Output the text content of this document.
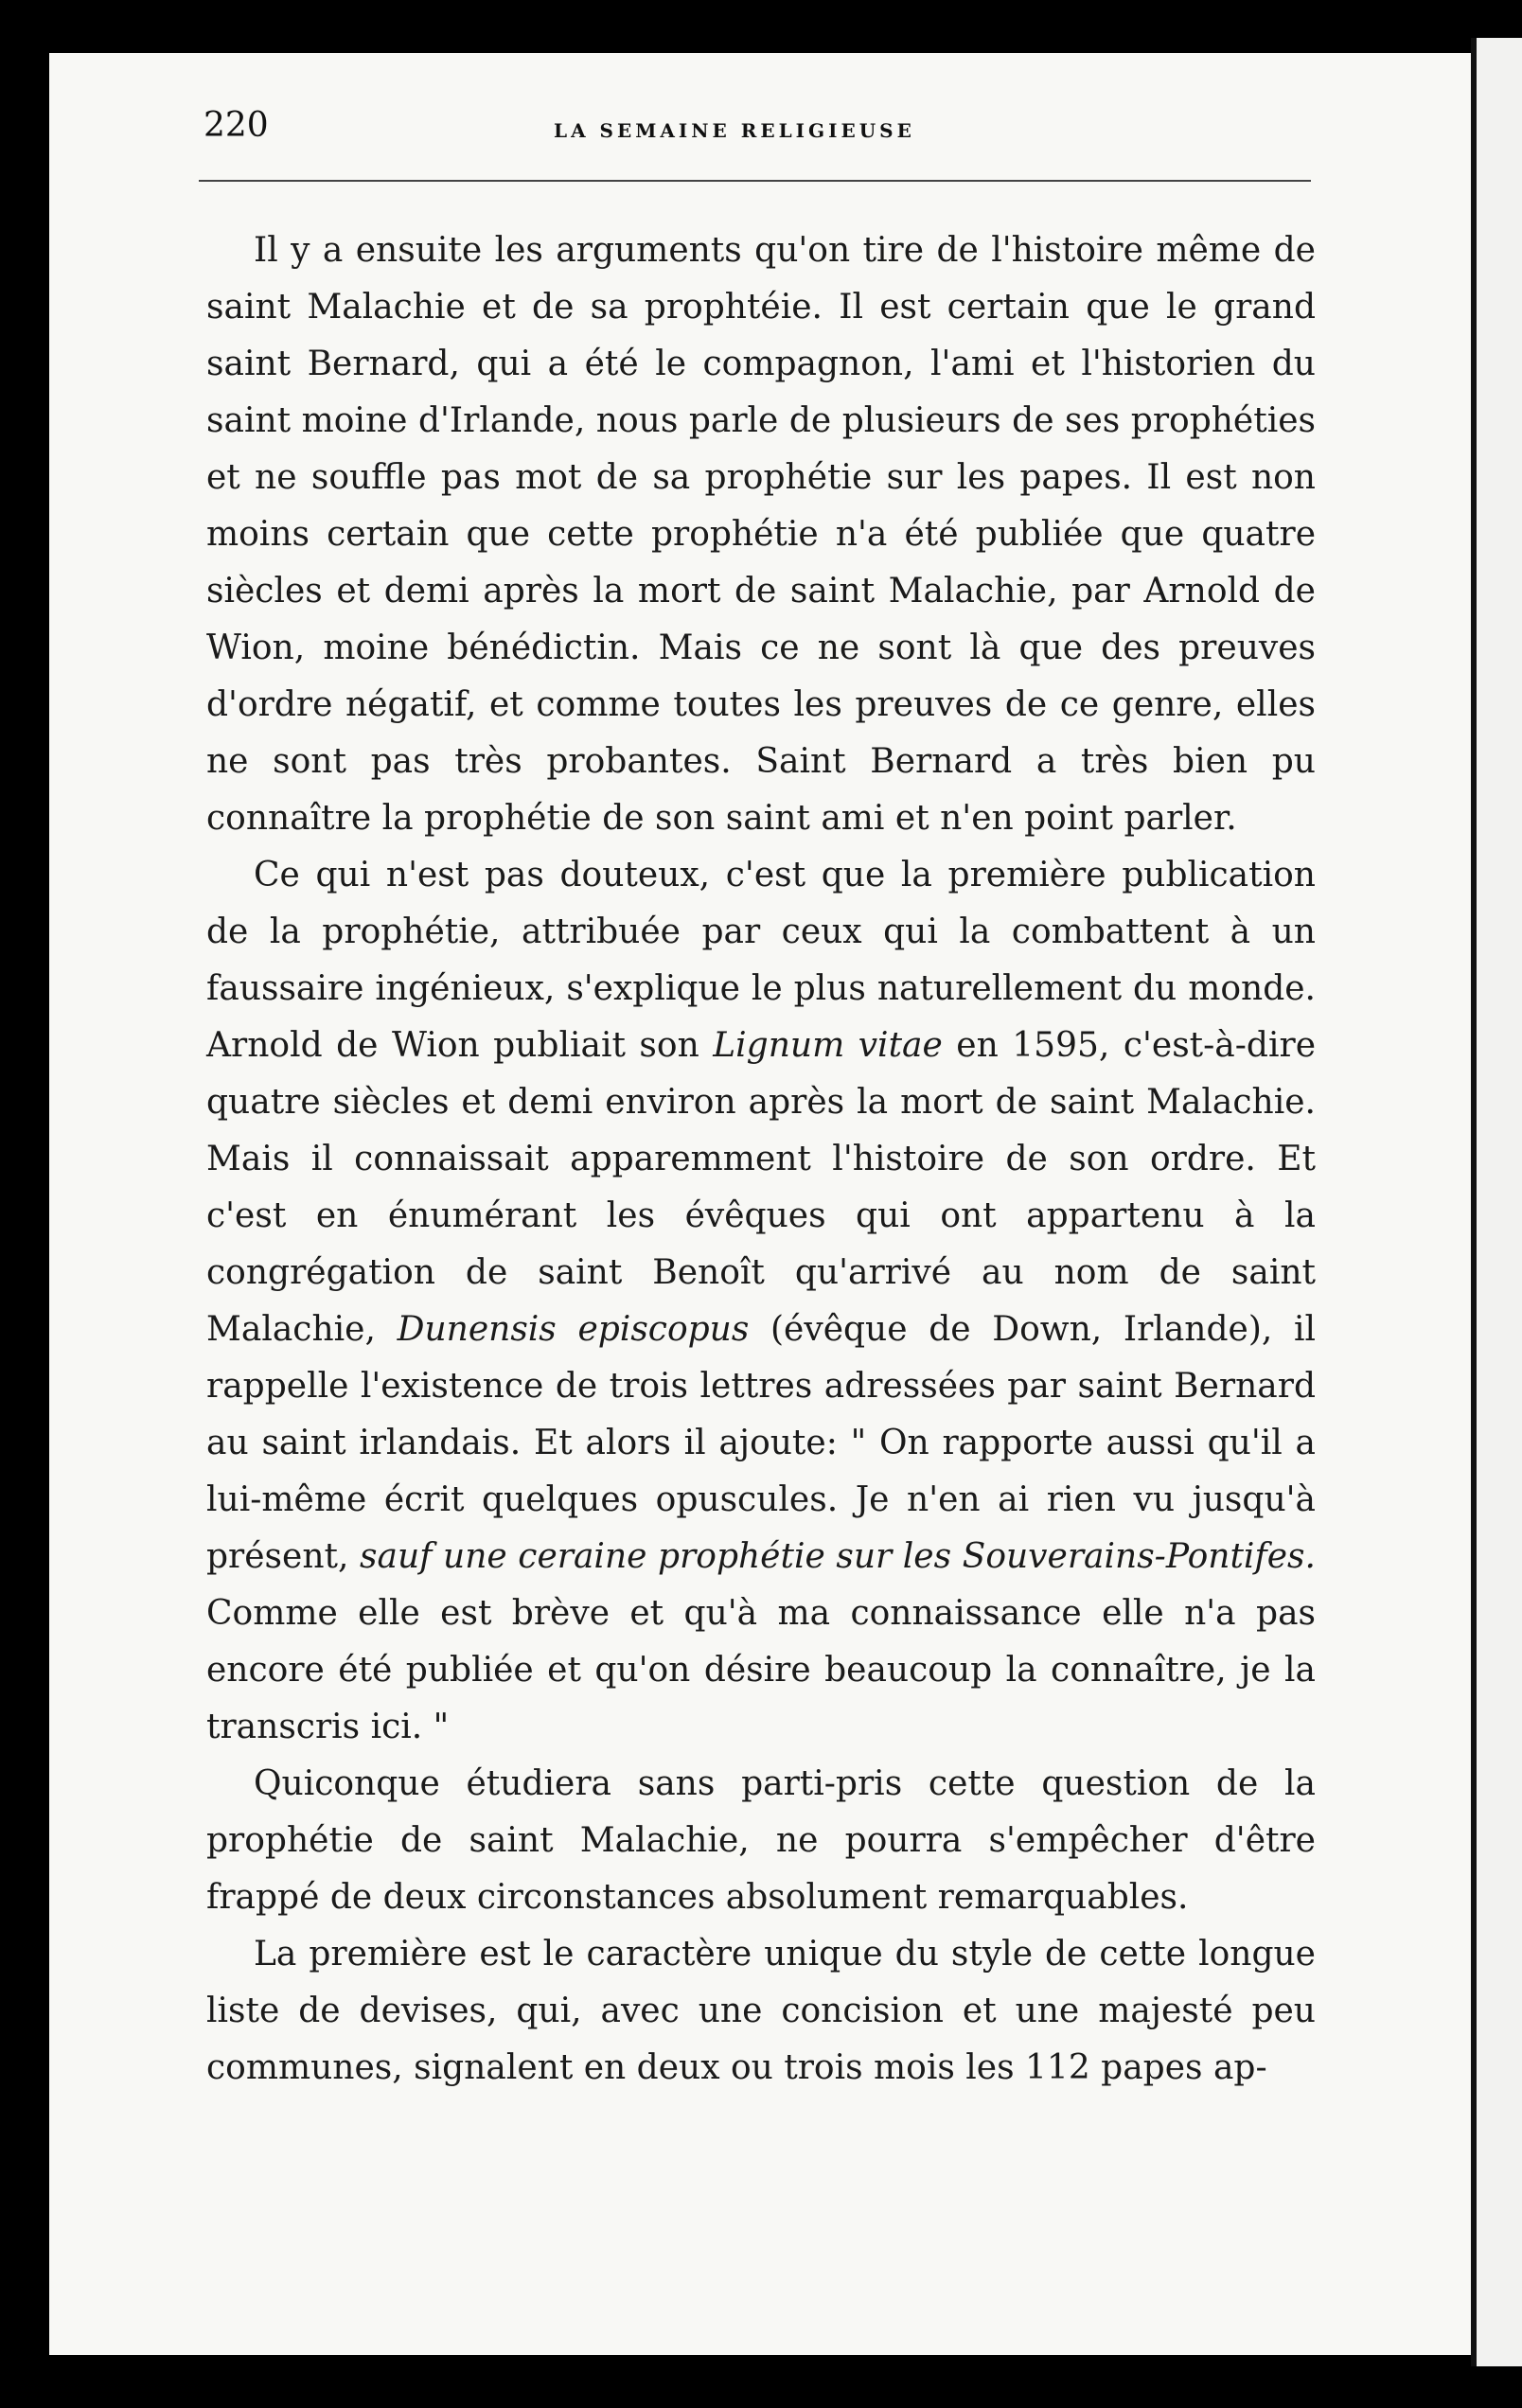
220	LA SEMAINE RELIGIEUSE

Il y a ensuite les arguments qu'on tire de l'histoire même de saint Malachie et de sa prophtéie. Il est certain que le grand saint Bernard, qui a été le compagnon, l'ami et l'historien du saint moine d'Irlande, nous parle de plusieurs de ses prophéties et ne souffle pas mot de sa prophétie sur les papes. Il est non moins certain que cette prophétie n'a été publiée que quatre siècles et demi après la mort de saint Malachie, par Arnold de Wion, moine bénédictin. Mais ce ne sont là que des preuves d'ordre négatif, et comme toutes les preuves de ce genre, elles ne sont pas très probantes. Saint Bernard a très bien pu connaître la prophétie de son saint ami et n'en point parler.

Ce qui n'est pas douteux, c'est que la première publication de la prophétie, attribuée par ceux qui la combattent à un faussaire ingénieux, s'explique le plus naturellement du monde. Arnold de Wion publiait son Lignum vitae en 1595, c'est-à-dire quatre siècles et demi environ après la mort de saint Malachie. Mais il connaissait apparemment l'histoire de son ordre. Et c'est en énumérant les évêques qui ont appartenu à la congrégation de saint Benoît qu'arrivé au nom de saint Malachie, Dunensis episcopus (évêque de Down, Irlande), il rappelle l'existence de trois lettres adressées par saint Bernard au saint irlandais. Et alors il ajoute: " On rapporte aussi qu'il a lui-même écrit quelques opuscules. Je n'en ai rien vu jusqu'à présent, sauf une ceraine prophétie sur les Souverains-Pontifes. Comme elle est brève et qu'à ma connaissance elle n'a pas encore été publiée et qu'on désire beaucoup la connaître, je la transcris ici. "

Quiconque étudiera sans parti-pris cette question de la prophétie de saint Malachie, ne pourra s'empêcher d'être frappé de deux circonstances absolument remarquables.

La première est le caractère unique du style de cette longue liste de devises, qui, avec une concision et une majesté peu communes, signalent en deux ou trois mois les 112 papes ap-
